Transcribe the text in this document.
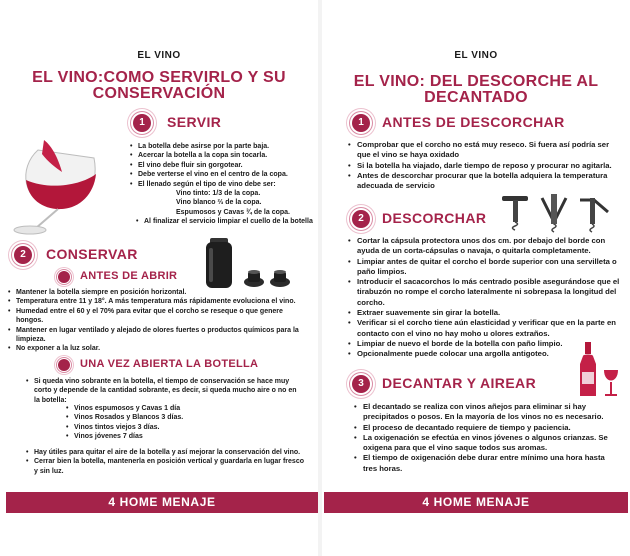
EL VINO
EL VINO:COMO SERVIRLO Y SU
CONSERVACIÓN
1	SERVIR
• La botella debe asirse por la parte baja.
• Acercar la botella a la copa sin tocarla.
• El vino debe fluir sin gorgotear.
• Debe verterse el vino en el centro de la copa.
• El llenado según el tipo de vino debe ser:
Vino tinto: 1/3 de la copa.
Vino blanco ⅔ de la copa.
Espumosos y Cavas ¾ de la copa.
• Al finalizar el servicio limpiar el cuello de la botella
2	CONSERVAR
ANTES DE ABRIR
• Mantener la botella siempre en posición horizontal.
• Temperatura entre 11 y 18°. A más temperatura más rápidamente evoluciona el vino.
• Humedad entre el 60 y el 70% para evitar que el corcho se reseque o que genere hongos.
• Mantener en lugar ventilado y alejado de olores fuertes o productos químicos para la limpieza.
• No exponer a la luz solar.
UNA VEZ ABIERTA LA BOTELLA
• Si queda vino sobrante en la botella, el tiempo de conservación se hace muy corto y depende de la cantidad sobrante, es decir, si queda mucho aire o no en la botella:
• Vinos espumosos y Cavas 1 día
• Vinos Rosados y Blancos 3 días.
• Vinos tintos viejos 3 días.
• Vinos jóvenes 7 días
• Hay útiles para quitar el aire de la botella y así mejorar la conservación del vino.
• Cerrar bien la botella, mantenerla en posición vertical y guardarla en lugar fresco y sin luz.
4 HOME MENAJE
EL VINO
EL VINO: DEL DESCORCHE AL
DECANTADO
1	ANTES DE DESCORCHAR
• Comprobar que el corcho no está muy reseco. Si fuera así podría ser que el vino se haya oxidado
• Si la botella ha viajado, darle tiempo de reposo y procurar no agitarla.
• Antes de descorchar procurar que la botella adquiera la temperatura adecuada de servicio
2	DESCORCHAR
• Cortar la cápsula protectora unos dos cm. por debajo del borde con ayuda de un corta-cápsulas o navaja, o quitarla completamente.
• Limpiar antes de quitar el corcho el borde superior con una servilleta o paño limpios.
• Introducir el sacacorchos lo más centrado posible asegurándose que el tirabuzón no rompe el corcho lateralmente ni sobrepasa la longitud del corcho.
• Extraer suavemente sin girar la botella.
• Verificar si el corcho tiene aún elasticidad y verificar que en la parte en contacto con el vino no hay moho u olores extraños.
• Limpiar de nuevo el borde de la botella con paño limpio.
• Opcionalmente puede colocar una argolla antigoteo.
3	DECANTAR Y AIREAR
• El decantado se realiza con vinos añejos para eliminar si hay precipitados o posos. En la mayoría de los vinos no es necesario.
• El proceso de decantado requiere de tiempo y paciencia.
• La oxigenación se efectúa en vinos jóvenes o algunos crianzas. Se oxigena para que el vino saque todos sus aromas.
• El tiempo de oxigenación debe durar entre mínimo una hora hasta tres horas.
4 HOME MENAJE
